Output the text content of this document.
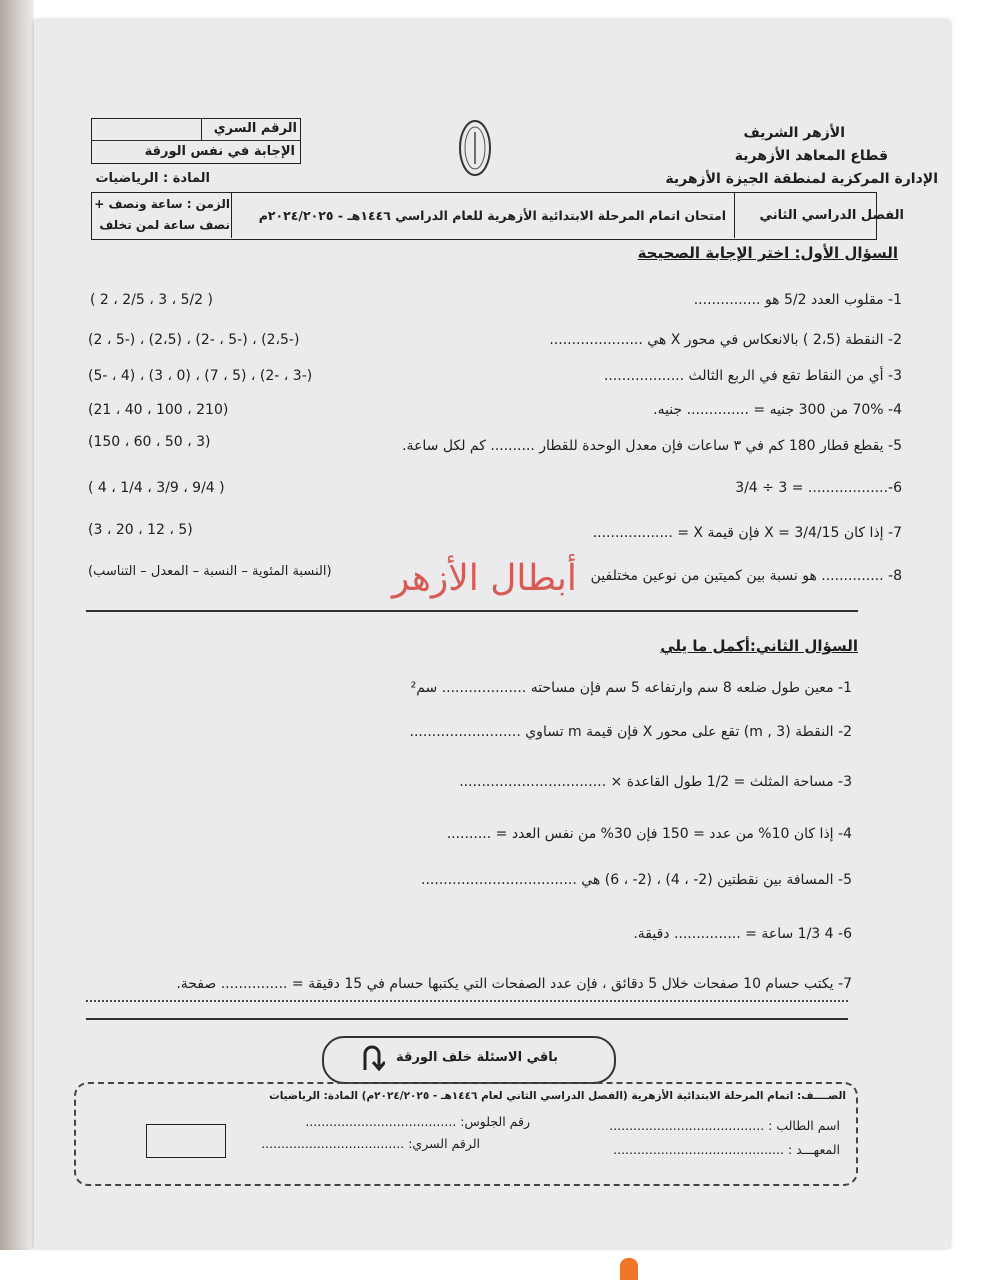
الأزهر الشريف
قطاع المعاهد الأزهرية
الإدارة المركزية لمنطقة الجيزة الأزهرية
الرقم السري
الإجابة في نفس الورقة
المادة : الرياضيات
الفصل الدراسي الثاني
امتحان اتمام المرحلة الابتدائية الأزهرية للعام الدراسي ١٤٤٦هـ - ٢٠٢٤/٢٠٢٥م
الزمن : ساعة ونصف +
نصف ساعة لمن تخلف
السؤال الأول: اختر الإجابة الصحيحة
1- مقلوب العدد 5/2 هو ...............
2- النقطة (2،5 ) بالانعكاس في محور X هي .....................
3- أي من النقاط تقع في الربع الثالث ..................
4- 70% من 300 جنيه = .............. جنيه.
5- يقطع قطار 180 كم في ٣ ساعات فإن معدل الوحدة للقطار .......... كم لكل ساعة.
6-.................. = 3 ÷ 3/4
7- إذا كان 15/X = 3/4 فإن قيمة X = ..................
8- .............. هو نسبة بين كميتين من نوعين مختلفين
( 5/2 ، 3 ، 2/5 ، 2 )
(-2،5) ، (-5 ، -2) ، (2،5) ، (-5 ، 2)
(-3 ، -2) ، (5 ، 7) ، (0 ، 3) ، (4 ، -5)
(210 ، 100 ، 40 ، 21)
(3 ، 50 ، 60 ، 150)
( 9/4 ، 3/9 ، 1/4 ، 4 )
(5 ، 12 ، 20 ، 3)
(النسبة المئوية – النسبة – المعدل – التناسب) أبطال الأزهر
السؤال الثاني:أكمل ما يلي
1- معين طول ضلعه 8 سم وارتفاعه 5 سم فإن مساحته ................... سم²
2- النقطة (3 , m) تقع على محور X فإن قيمة m تساوي .........................
3- مساحة المثلث = 1/2 طول القاعدة × .................................
4- إذا كان 10% من عدد = 150 فإن 30% من نفس العدد = ..........
5- المسافة بين نقطتين (2- ، 4) ، (2- ، 6) هي ...................................
6- 4 1/3 ساعة = ............... دقيقة.
7- يكتب حسام 10 صفحات خلال 5 دقائق ، فإن عدد الصفحات التي يكتبها حسام في 15 دقيقة = ............... صفحة.
باقي الاسئلة خلف الورقة
الصــــف: اتمام المرحلة الابتدائية الأزهرية (الفصل الدراسي الثاني لعام ١٤٤٦هـ - ٢٠٢٤/٢٠٢٥م) المادة: الرياضيات
اسم الطالب : .......................................
المعهـــد : ...........................................
رقم الجلوس: ......................................
الرقم السري: ....................................
